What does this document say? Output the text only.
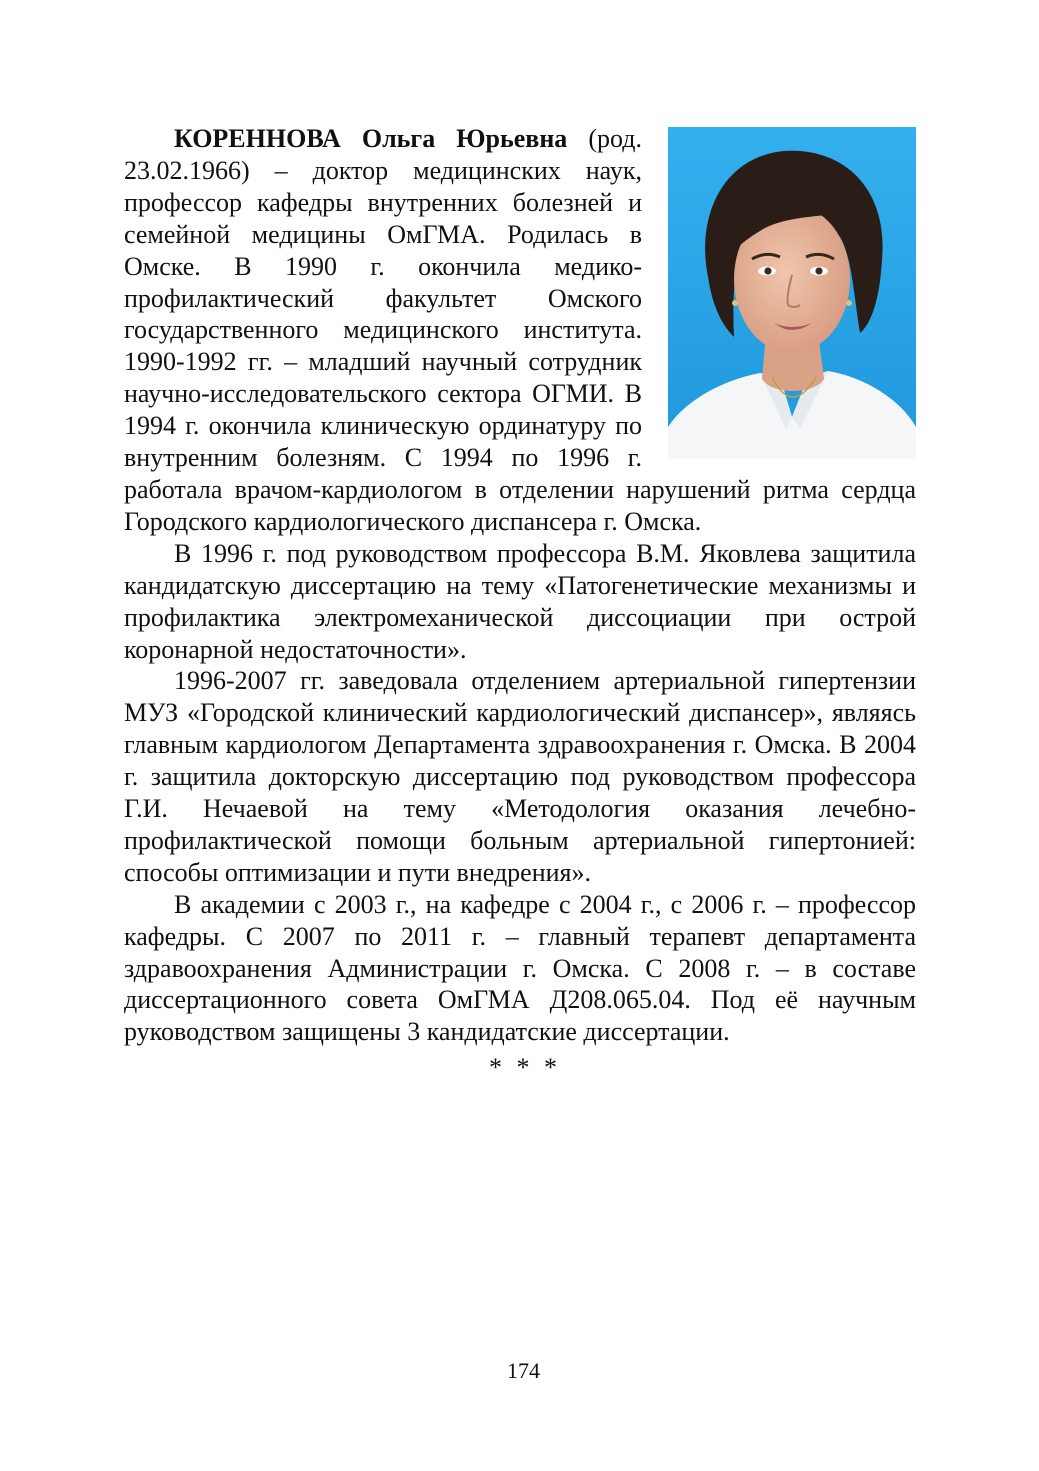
КОРЕННОВА Ольга Юрьевна (род. 23.02.1966) – доктор медицинских наук, профессор кафедры внутренних болезней и семейной медицины ОмГМА. Родилась в Омске. В 1990 г. окончила медико-профилактический факультет Омского государственного медицинского института. 1990-1992 гг. – младший научный сотрудник научно-исследовательского сектора ОГМИ. В 1994 г. окончила клиническую ординатуру по внутренним болезням. С 1994 по 1996 г. работала врачом-кардиологом в отделении нарушений ритма сердца Городского кардиологического диспансера г. Омска.

В 1996 г. под руководством профессора В.М. Яковлева защитила кандидатскую диссертацию на тему «Патогенетические механизмы и профилактика электромеханической диссоциации при острой коронарной недостаточности».

1996-2007 гг. заведовала отделением артериальной гипертензии МУЗ «Городской клинический кардиологический диспансер», являясь главным кардиологом Департамента здравоохранения г. Омска. В 2004 г. защитила докторскую диссертацию под руководством профессора Г.И. Нечаевой на тему «Методология оказания лечебно-профилактической помощи больным артериальной гипертонией: способы оптимизации и пути внедрения».

В академии с 2003 г., на кафедре с 2004 г., с 2006 г. – профессор кафедры. С 2007 по 2011 г. – главный терапевт департамента здравоохранения Администрации г. Омска. С 2008 г. – в составе диссертационного совета ОмГМА Д208.065.04. Под её научным руководством защищены 3 кандидатские диссертации.

* * *
174
